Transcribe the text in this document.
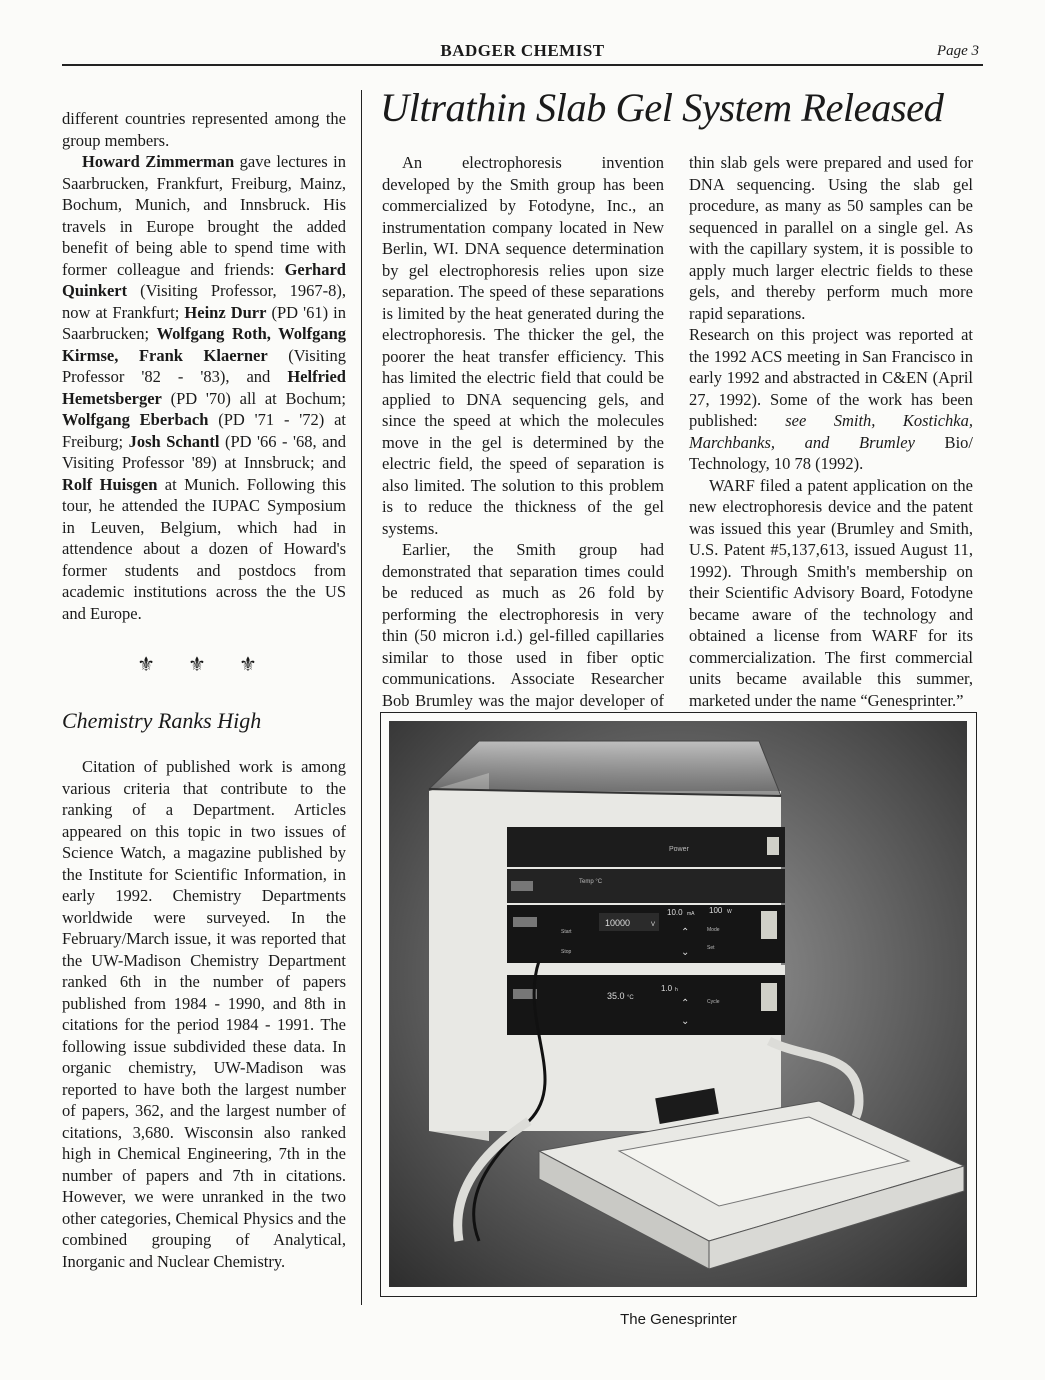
BADGER CHEMIST	Page 3

different countries represented among the group members.

Howard Zimmerman gave lectures in Saarbrucken, Frankfurt, Freiburg, Mainz, Bochum, Munich, and Innsbruck. His travels in Europe brought the added benefit of being able to spend time with former colleague and friends: Gerhard Quinkert (Visiting Professor, 1967-8), now at Frankfurt; Heinz Durr (PD '61) in Saarbrucken; Wolfgang Roth, Wolfgang Kirmse, Frank Klaerner (Visiting Professor '82 - '83), and Helfried Hemetsberger (PD '70) all at Bochum; Wolfgang Eberbach (PD '71 - '72) at Freiburg; Josh Schantl (PD '66 - '68, and Visiting Professor '89) at Innsbruck; and Rolf Huisgen at Munich. Following this tour, he attended the IUPAC Symposium in Leuven, Belgium, which had in attendence about a dozen of Howard's former students and postdocs from academic institutions across the the US and Europe.

⚜ ⚜ ⚜
Chemistry Ranks High

Citation of published work is among various criteria that contribute to the ranking of a Department. Articles appeared on this topic in two issues of Science Watch, a magazine published by the Institute for Scientific Information, in early 1992. Chemistry Departments worldwide were surveyed. In the February/March issue, it was reported that the UW-Madison Chemistry Department ranked 6th in the number of papers published from 1984 - 1990, and 8th in citations for the period 1984 - 1991. The following issue subdivided these data. In organic chemistry, UW-Madison was reported to have both the largest number of papers, 362, and the largest number of citations, 3,680. Wisconsin also ranked high in Chemical Engineering, 7th in the number of papers and 7th in citations. However, we were unranked in the two other categories, Chemical Physics and the combined grouping of Analytical, Inorganic and Nuclear Chemistry.

Ultrathin Slab Gel System Released

An electrophoresis invention developed by the Smith group has been commercialized by Fotodyne, Inc., an instrumentation company located in New Berlin, WI. DNA sequence determination by gel electrophoresis relies upon size separation. The speed of these separations is limited by the heat generated during the electrophoresis. The thicker the gel, the poorer the heat transfer efficiency. This has limited the electric field that could be applied to DNA sequencing gels, and since the speed at which the molecules move in the gel is determined by the electric field, the speed of separation is also limited. The solution to this problem is to reduce the thickness of the gel systems.

Earlier, the Smith group had demonstrated that separation times could be reduced as much as 26 fold by performing the electrophoresis in very thin (50 micron i.d.) gel-filled capillaries similar to those used in fiber optic communications. Associate Researcher Bob Brumley was the major developer of

thin slab gels were prepared and used for DNA sequencing. Using the slab gel procedure, as many as 50 samples can be sequenced in parallel on a single gel. As with the capillary system, it is possible to apply much larger electric fields to these gels, and thereby perform much more rapid separations.

Research on this project was reported at the 1992 ACS meeting in San Francisco in early 1992 and abstracted in C&EN (April 27, 1992). Some of the work has been published: see Smith, Kostichka, Marchbanks, and Brumley Bio/ Technology, 10 78 (1992).

WARF filed a patent application on the new electrophoresis device and the patent was issued this year (Brumley and Smith, U.S. Patent #5,137,613, issued August 11, 1992). Through Smith's membership on their Scientific Advisory Board, Fotodyne became aware of the technology and obtained a license from WARF for its commercialization. The first commercial units became available this summer, marketed under the name “Genesprinter.”

Power
Temp °C
10000	V
10.0 mA 100 W
Start
Stop
Mode
Set
⌃
⌄
35.0 °C
1.0 h
Cycle
⌃
⌄
The Genesprinter
